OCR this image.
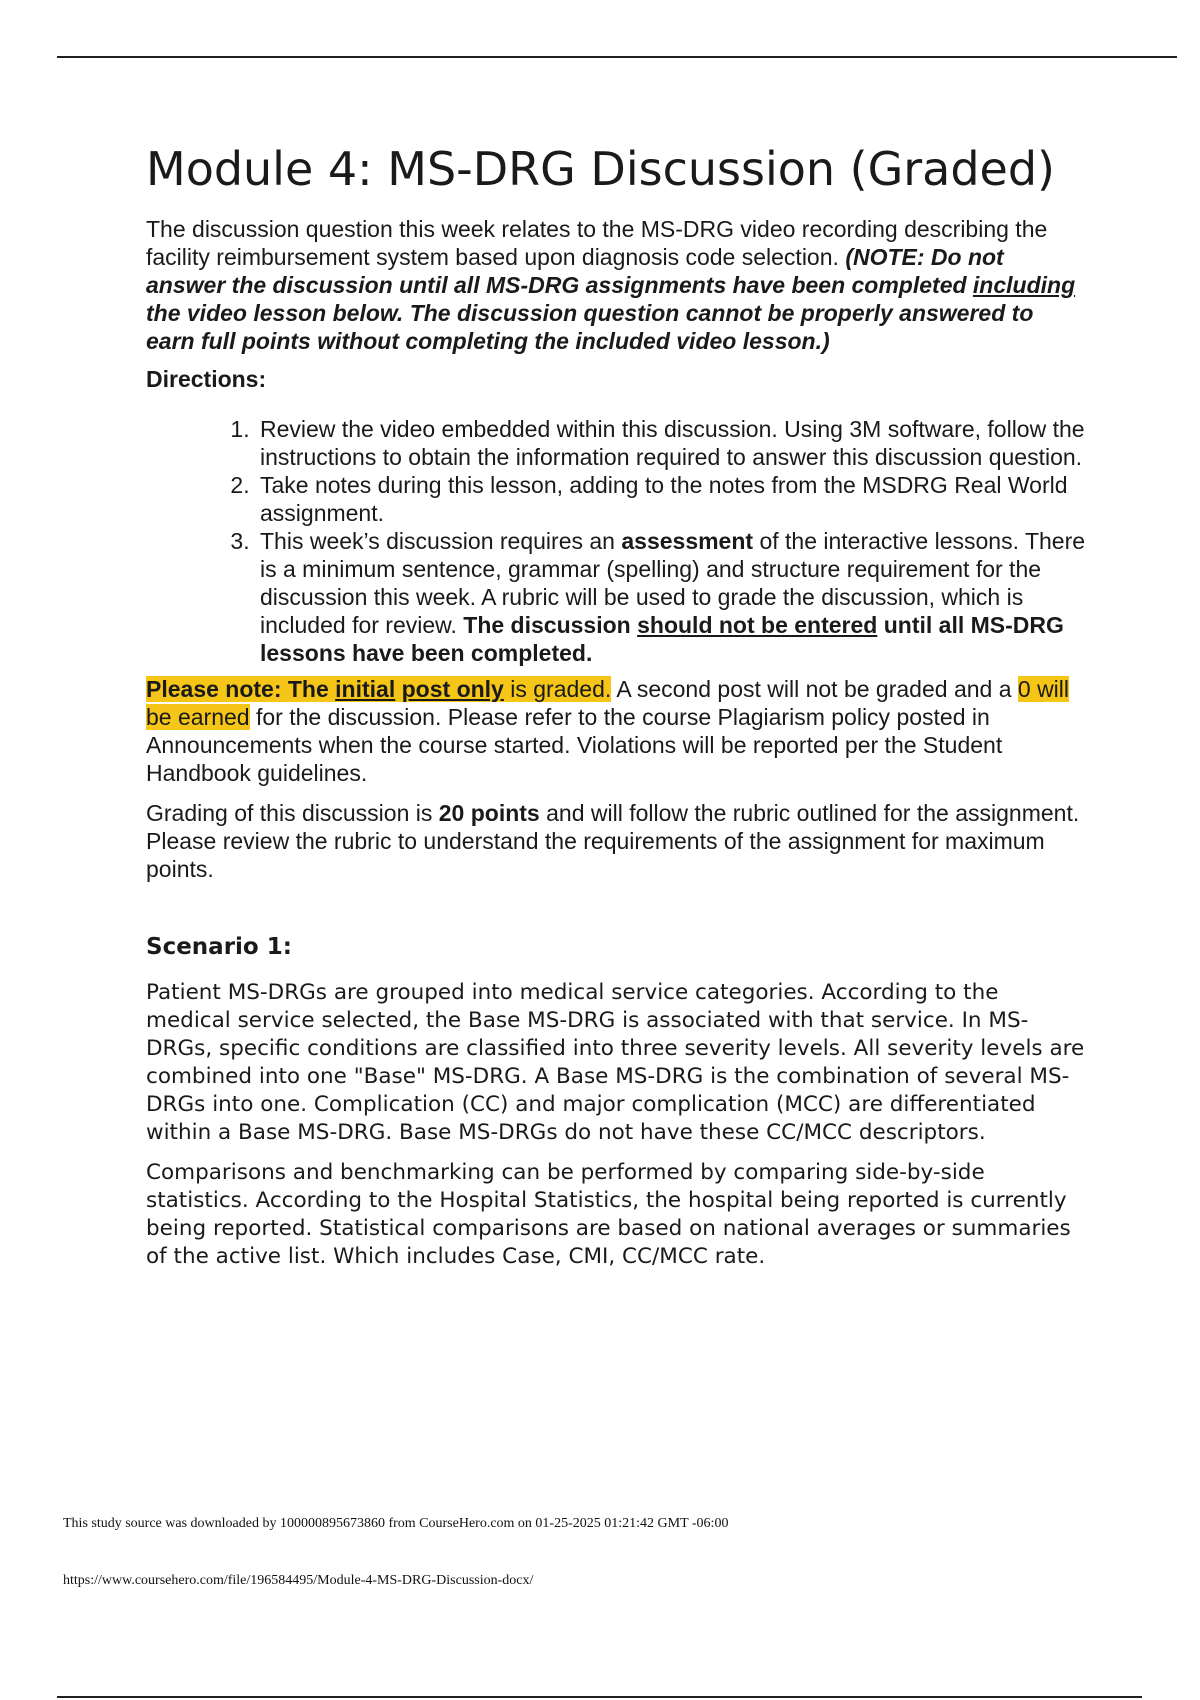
Module 4: MS-DRG Discussion (Graded)

The discussion question this week relates to the MS-DRG video recording describing the facility reimbursement system based upon diagnosis code selection. (NOTE: Do not answer the discussion until all MS-DRG assignments have been completed including the video lesson below. The discussion question cannot be properly answered to earn full points without completing the included video lesson.)

Directions:

1. Review the video embedded within this discussion. Using 3M software, follow the instructions to obtain the information required to answer this discussion question.
2. Take notes during this lesson, adding to the notes from the MSDRG Real World assignment.
3. This week’s discussion requires an assessment of the interactive lessons. There is a minimum sentence, grammar (spelling) and structure requirement for the discussion this week. A rubric will be used to grade the discussion, which is included for review. The discussion should not be entered until all MS-DRG lessons have been completed.

Please note: The initial post only is graded. A second post will not be graded and a 0 will be earned for the discussion. Please refer to the course Plagiarism policy posted in Announcements when the course started. Violations will be reported per the Student Handbook guidelines.

Grading of this discussion is 20 points and will follow the rubric outlined for the assignment. Please review the rubric to understand the requirements of the assignment for maximum points.

Scenario 1:

Patient MS-DRGs are grouped into medical service categories. According to the medical service selected, the Base MS-DRG is associated with that service. In MS-DRGs, specific conditions are classified into three severity levels. All severity levels are combined into one "Base" MS-DRG. A Base MS-DRG is the combination of several MS-DRGs into one. Complication (CC) and major complication (MCC) are differentiated within a Base MS-DRG. Base MS-DRGs do not have these CC/MCC descriptors.

Comparisons and benchmarking can be performed by comparing side-by-side statistics. According to the Hospital Statistics, the hospital being reported is currently being reported. Statistical comparisons are based on national averages or summaries of the active list. Which includes Case, CMI, CC/MCC rate.

This study source was downloaded by 100000895673860 from CourseHero.com on 01-25-2025 01:21:42 GMT -06:00
https://www.coursehero.com/file/196584495/Module-4-MS-DRG-Discussion-docx/
